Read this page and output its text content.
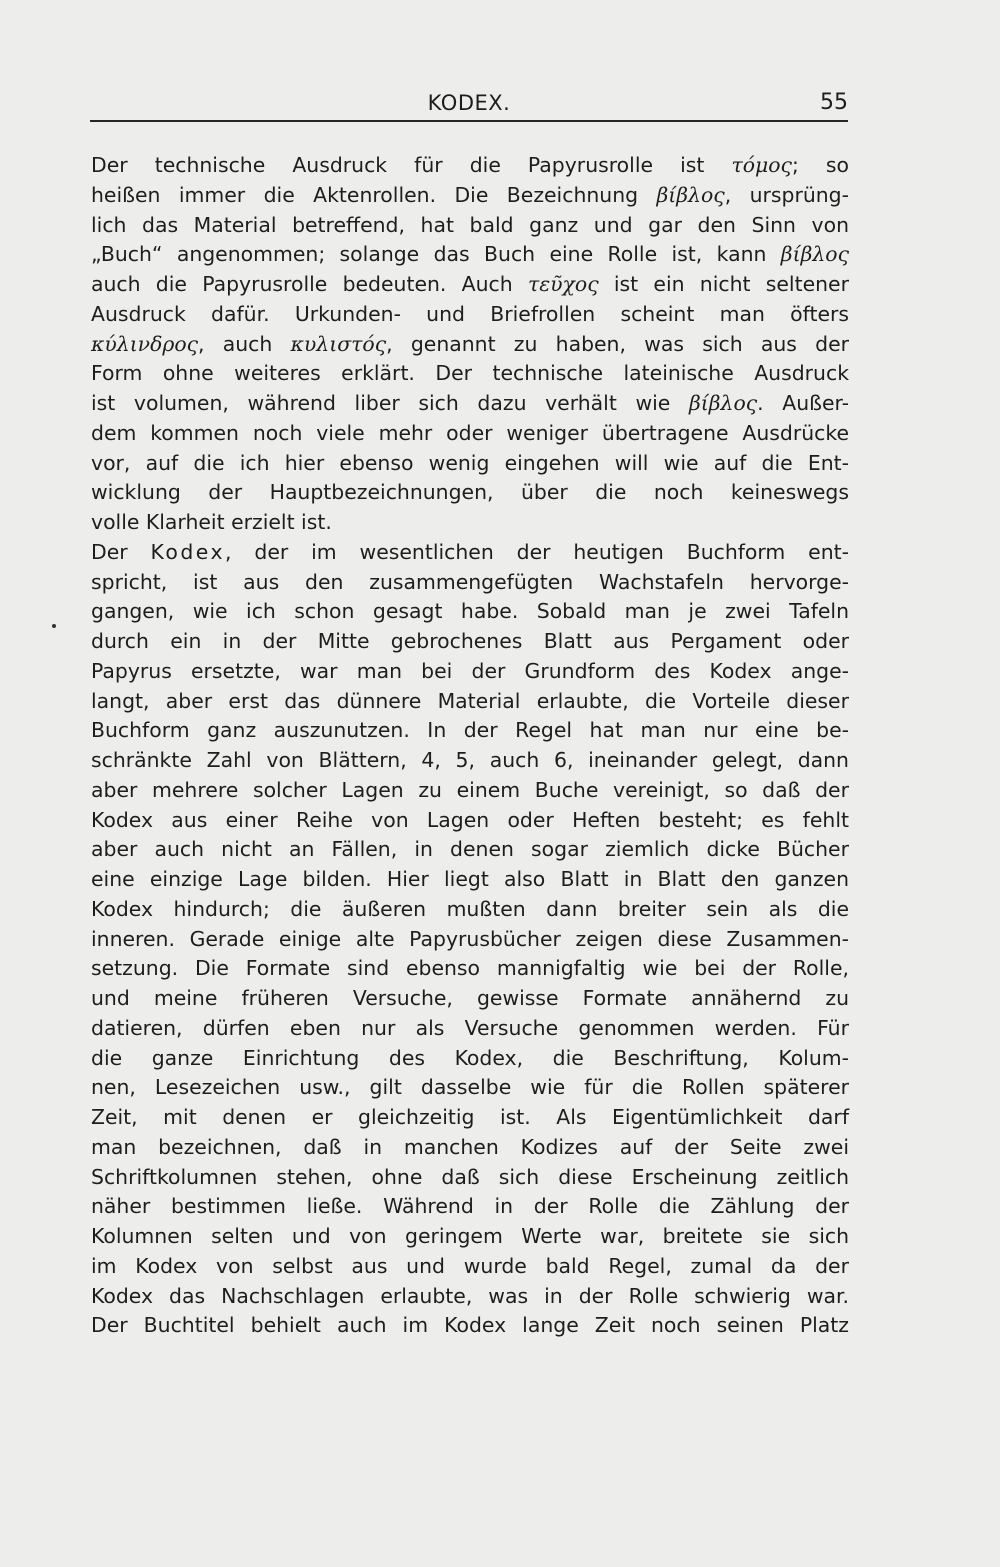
KODEX.	55
Der technische Ausdruck für die Papyrusrolle ist τόμος; so
heißen immer die Aktenrollen. Die Bezeichnung βίβλος, ursprüng-
lich das Material betreffend, hat bald ganz und gar den Sinn von
„Buch“ angenommen; solange das Buch eine Rolle ist, kann βίβλος
auch die Papyrusrolle bedeuten. Auch τεῦχος ist ein nicht seltener
Ausdruck dafür. Urkunden- und Briefrollen scheint man öfters
κύλινδρος, auch κυλιστός, genannt zu haben, was sich aus der
Form ohne weiteres erklärt. Der technische lateinische Ausdruck
ist volumen, während liber sich dazu verhält wie βίβλος. Außer-
dem kommen noch viele mehr oder weniger übertragene Ausdrücke
vor, auf die ich hier ebenso wenig eingehen will wie auf die Ent-
wicklung der Hauptbezeichnungen, über die noch keineswegs
volle Klarheit erzielt ist.
Der Kodex, der im wesentlichen der heutigen Buchform ent-
spricht, ist aus den zusammengefügten Wachstafeln hervorge-
gangen, wie ich schon gesagt habe. Sobald man je zwei Tafeln
durch ein in der Mitte gebrochenes Blatt aus Pergament oder
Papyrus ersetzte, war man bei der Grundform des Kodex ange-
langt, aber erst das dünnere Material erlaubte, die Vorteile dieser
Buchform ganz auszunutzen. In der Regel hat man nur eine be-
schränkte Zahl von Blättern, 4, 5, auch 6, ineinander gelegt, dann
aber mehrere solcher Lagen zu einem Buche vereinigt, so daß der
Kodex aus einer Reihe von Lagen oder Heften besteht; es fehlt
aber auch nicht an Fällen, in denen sogar ziemlich dicke Bücher
eine einzige Lage bilden. Hier liegt also Blatt in Blatt den ganzen
Kodex hindurch; die äußeren mußten dann breiter sein als die
inneren. Gerade einige alte Papyrusbücher zeigen diese Zusammen-
setzung. Die Formate sind ebenso mannigfaltig wie bei der Rolle,
und meine früheren Versuche, gewisse Formate annähernd zu
datieren, dürfen eben nur als Versuche genommen werden. Für
die ganze Einrichtung des Kodex, die Beschriftung, Kolum-
nen, Lesezeichen usw., gilt dasselbe wie für die Rollen späterer
Zeit, mit denen er gleichzeitig ist. Als Eigentümlichkeit darf
man bezeichnen, daß in manchen Kodizes auf der Seite zwei
Schriftkolumnen stehen, ohne daß sich diese Erscheinung zeitlich
näher bestimmen ließe. Während in der Rolle die Zählung der
Kolumnen selten und von geringem Werte war, breitete sie sich
im Kodex von selbst aus und wurde bald Regel, zumal da der
Kodex das Nachschlagen erlaubte, was in der Rolle schwierig war.
Der Buchtitel behielt auch im Kodex lange Zeit noch seinen Platz
